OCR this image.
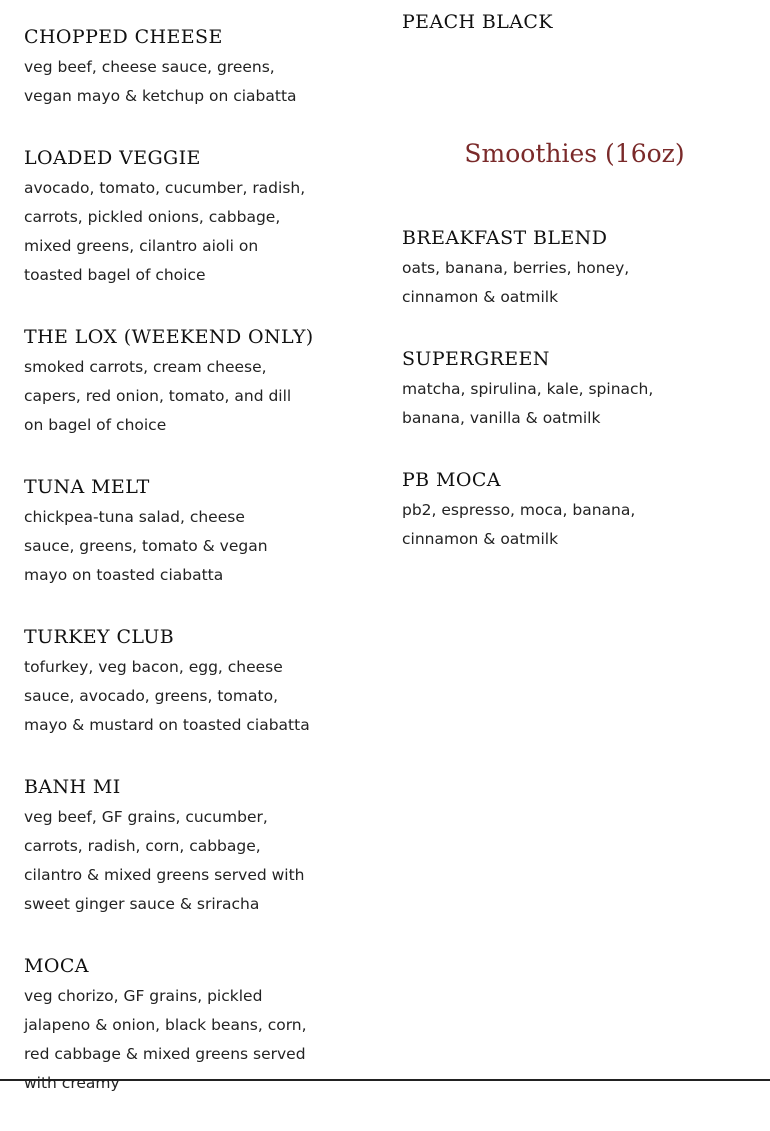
CHOPPED CHEESE

veg beef, cheese sauce, greens, vegan mayo & ketchup on ciabatta

LOADED VEGGIE

avocado, tomato, cucumber, radish, carrots, pickled onions, cabbage, mixed greens, cilantro aioli on toasted bagel of choice

THE LOX (WEEKEND ONLY)

smoked carrots, cream cheese, capers, red onion, tomato, and dill on bagel of choice

TUNA MELT

chickpea-tuna salad, cheese sauce, greens, tomato & vegan mayo on toasted ciabatta

TURKEY CLUB

tofurkey, veg bacon, egg, cheese sauce, avocado, greens, tomato, mayo & mustard on toasted ciabatta

BANH MI

veg beef, GF grains, cucumber, carrots, radish, corn, cabbage, cilantro & mixed greens served with sweet ginger sauce & sriracha

MOCA

veg chorizo, GF grains, pickled jalapeno & onion, black beans, corn, red cabbage & mixed greens served with creamy

PEACH BLACK
Smoothies (16oz)
BREAKFAST BLEND

oats, banana, berries, honey, cinnamon & oatmilk

SUPERGREEN

matcha, spirulina, kale, spinach, banana, vanilla & oatmilk

PB MOCA

pb2, espresso, moca, banana, cinnamon & oatmilk
